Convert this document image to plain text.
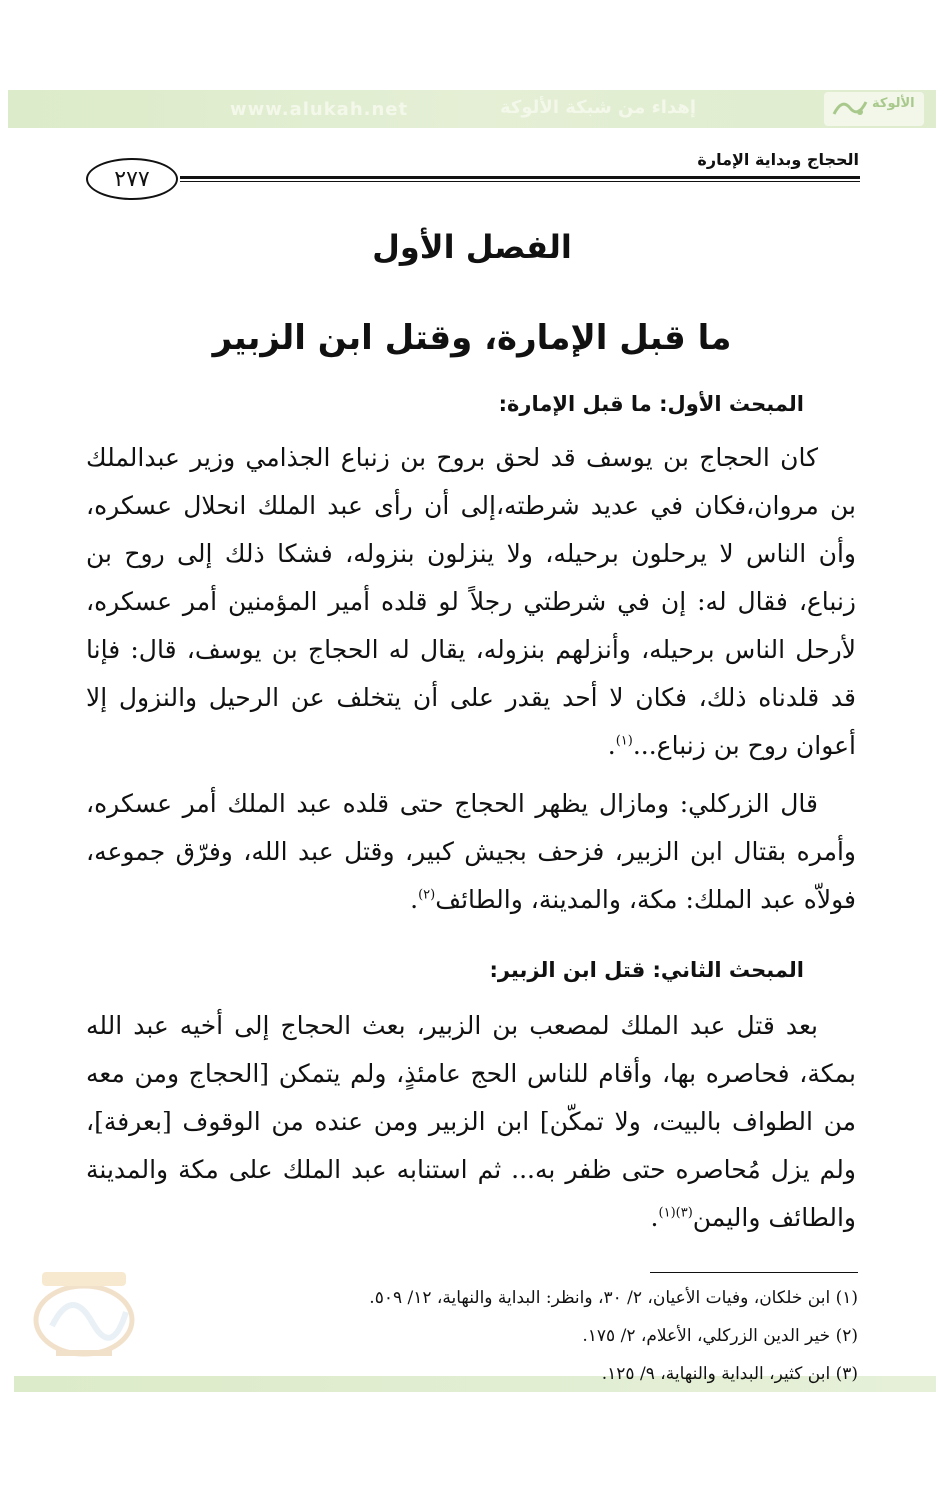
www.alukah.net	إهداء من شبكة الألوكة	الألوكة
الحجاج وبداية الإمارة
٢٧٧
الفصل الأول
ما قبل الإمارة، وقتل ابن الزبير
المبحث الأول: ما قبل الإمارة:

كان الحجاج بن يوسف قد لحق بروح بن زنباع الجذامي وزير عبدالملك بن مروان،فكان في عديد شرطته،إلى أن رأى عبد الملك انحلال عسكره، وأن الناس لا يرحلون برحيله، ولا ينزلون بنزوله، فشكا ذلك إلى روح بن زنباع، فقال له: إن في شرطتي رجلاً لو قلده أمير المؤمنين أمر عسكره، لأرحل الناس برحيله، وأنزلهم بنزوله، يقال له الحجاج بن يوسف، قال: فإنا قد قلدناه ذلك، فكان لا أحد يقدر على أن يتخلف عن الرحيل والنزول إلا أعوان روح بن زنباع...$^{(١)}$.

قال الزركلي: ومازال يظهر الحجاج حتى قلده عبد الملك أمر عسكره، وأمره بقتال ابن الزبير، فزحف بجيش كبير، وقتل عبد الله، وفرّق جموعه، فولاّه عبد الملك: مكة، والمدينة، والطائف$^{(٢)}$.

المبحث الثاني: قتل ابن الزبير:

بعد قتل عبد الملك لمصعب بن الزبير، بعث الحجاج إلى أخيه عبد الله بمكة، فحاصره بها، وأقام للناس الحج عامئذٍ، ولم يتمكن [الحجاج ومن معه من الطواف بالبيت، ولا تمكّن] ابن الزبير ومن عنده من الوقوف [بعرفة]، ولم يزل مُحاصره حتى ظفر به... ثم استنابه عبد الملك على مكة والمدينة والطائف واليمن$^{(٣)(١)}$.

(١) ابن خلكان، وفيات الأعيان، ٢/ ٣٠، وانظر: البداية والنهاية، ١٢/ ٥٠٩.
(٢) خير الدين الزركلي، الأعلام، ٢/ ١٧٥.
(٣) ابن كثير، البداية والنهاية، ٩/ ١٢٥.
